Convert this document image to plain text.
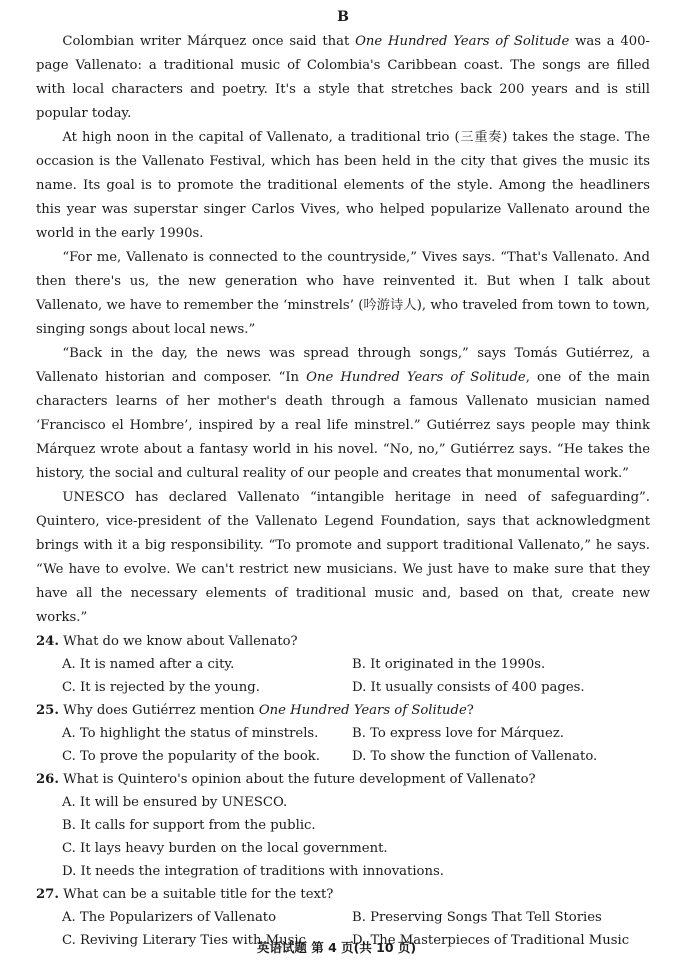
B

Colombian writer Márquez once said that One Hundred Years of Solitude was a 400-page Vallenato: a traditional music of Colombia's Caribbean coast. The songs are filled with local characters and poetry. It's a style that stretches back 200 years and is still popular today.

At high noon in the capital of Vallenato, a traditional trio (三重奏) takes the stage. The occasion is the Vallenato Festival, which has been held in the city that gives the music its name. Its goal is to promote the traditional elements of the style. Among the headliners this year was superstar singer Carlos Vives, who helped popularize Vallenato around the world in the early 1990s.

“For me, Vallenato is connected to the countryside,” Vives says. “That's Vallenato. And then there's us, the new generation who have reinvented it. But when I talk about Vallenato, we have to remember the ‘minstrels’ (吟游诗人), who traveled from town to town, singing songs about local news.”

“Back in the day, the news was spread through songs,” says Tomás Gutiérrez, a Vallenato historian and composer. “In One Hundred Years of Solitude, one of the main characters learns of her mother's death through a famous Vallenato musician named ‘Francisco el Hombre’, inspired by a real life minstrel.” Gutiérrez says people may think Márquez wrote about a fantasy world in his novel. “No, no,” Gutiérrez says. “He takes the history, the social and cultural reality of our people and creates that monumental work.”

UNESCO has declared Vallenato “intangible heritage in need of safeguarding”. Quintero, vice-president of the Vallenato Legend Foundation, says that acknowledgment brings with it a big responsibility. “To promote and support traditional Vallenato,” he says. “We have to evolve. We can't restrict new musicians. We just have to make sure that they have all the necessary elements of traditional music and, based on that, create new works.”

24. What do we know about Vallenato?
A. It is named after a city.	B. It originated in the 1990s.
C. It is rejected by the young.	D. It usually consists of 400 pages.
25. Why does Gutiérrez mention One Hundred Years of Solitude?
A. To highlight the status of minstrels.	B. To express love for Márquez.
C. To prove the popularity of the book.	D. To show the function of Vallenato.
26. What is Quintero's opinion about the future development of Vallenato?
A. It will be ensured by UNESCO.
B. It calls for support from the public.
C. It lays heavy burden on the local government.
D. It needs the integration of traditions with innovations.
27. What can be a suitable title for the text?
A. The Popularizers of Vallenato	B. Preserving Songs That Tell Stories
C. Reviving Literary Ties with Music	D. The Masterpieces of Traditional Music
英语试题 第 4 页(共 10 页)
